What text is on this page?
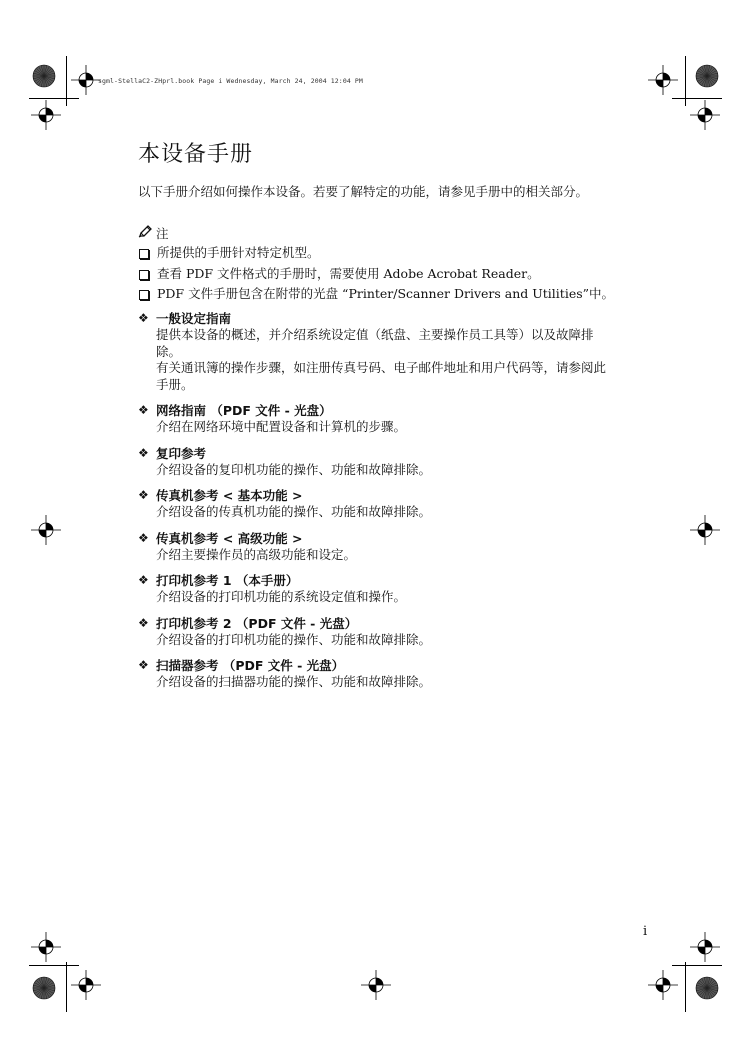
sgml-StellaC2-ZHprl.book Page i Wednesday, March 24, 2004 12:04 PM
本设备手册
以下手册介绍如何操作本设备。若要了解特定的功能，请参见手册中的相关部分。
注
所提供的手册针对特定机型。
查看 PDF 文件格式的手册时，需要使用 Adobe Acrobat Reader。
PDF 文件手册包含在附带的光盘 “Printer/Scanner Drivers and Utilities”中。
❖ 一般设定指南
提供本设备的概述，并介绍系统设定值（纸盘、主要操作员工具等）以及故障排除。
有关通讯簿的操作步骤，如注册传真号码、电子邮件地址和用户代码等，请参阅此手册。
❖ 网络指南 （PDF 文件 - 光盘）
介绍在网络环境中配置设备和计算机的步骤。
❖ 复印参考
介绍设备的复印机功能的操作、功能和故障排除。
❖ 传真机参考 < 基本功能 >
介绍设备的传真机功能的操作、功能和故障排除。
❖ 传真机参考 < 高级功能 >
介绍主要操作员的高级功能和设定。
❖ 打印机参考 1 （本手册）
介绍设备的打印机功能的系统设定值和操作。
❖ 打印机参考 2 （PDF 文件 - 光盘）
介绍设备的打印机功能的操作、功能和故障排除。
❖ 扫描器参考 （PDF 文件 - 光盘）
介绍设备的扫描器功能的操作、功能和故障排除。
i
